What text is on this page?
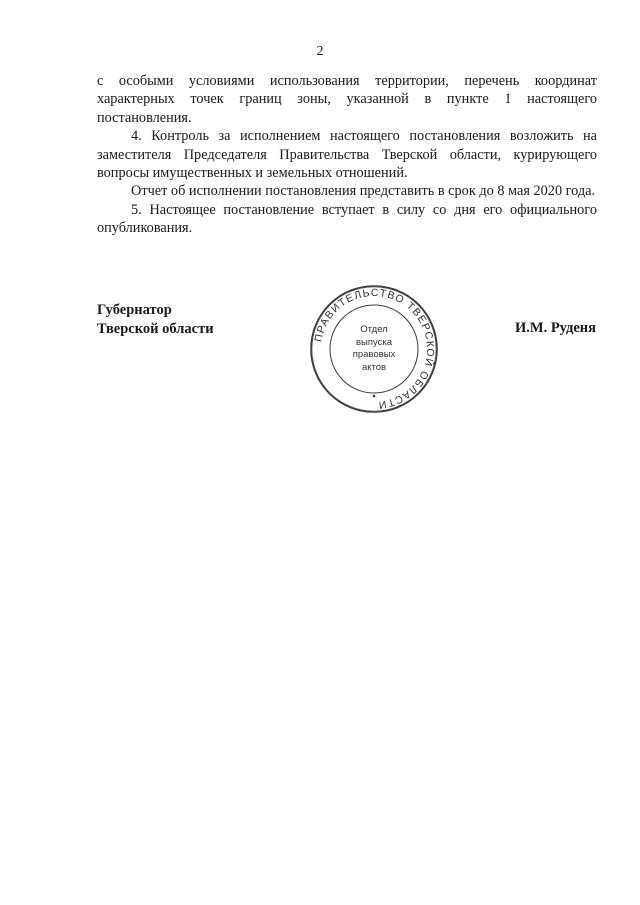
2

с особыми условиями использования территории, перечень координат характерных точек границ зоны, указанной в пункте 1 настоящего постановления.

4. Контроль за исполнением настоящего постановления возложить на заместителя Председателя Правительства Тверской области, курирующего вопросы имущественных и земельных отношений.

Отчет об исполнении постановления представить в срок до 8 мая 2020 года.

5. Настоящее постановление вступает в силу со дня его официального опубликования.

Губернатор
Тверской области
ПРАВИТЕЛЬСТВО ТВЕРСКОЙ ОБЛАСТИ
Отдел
выпуска
правовых
актов
И.М. Руденя
